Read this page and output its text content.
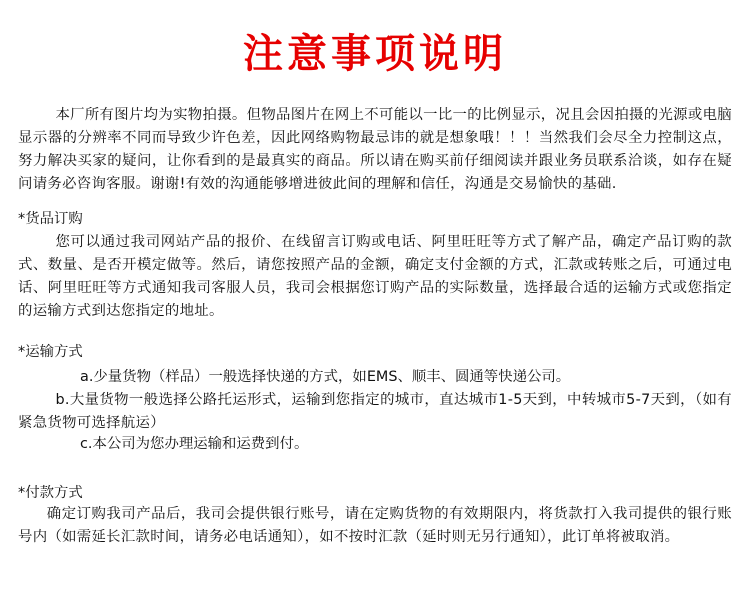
注意事项说明

本厂所有图片均为实物拍摄。但物品图片在网上不可能以一比一的比例显示，况且会因拍摄的光源或电脑显示器的分辨率不同而导致少许色差，因此网络购物最忌讳的就是想象哦！！！当然我们会尽全力控制这点，努力解决买家的疑问，让你看到的是最真实的商品。所以请在购买前仔细阅读并跟业务员联系洽谈，如存在疑问请务必咨询客服。谢谢!有效的沟通能够增进彼此间的理解和信任，沟通是交易愉快的基础.

*货品订购

您可以通过我司网站产品的报价、在线留言订购或电话、阿里旺旺等方式了解产品，确定产品订购的款式、数量、是否开模定做等。然后，请您按照产品的金额，确定支付金额的方式，汇款或转账之后，可通过电话、阿里旺旺等方式通知我司客服人员，我司会根据您订购产品的实际数量，选择最合适的运输方式或您指定的运输方式到达您指定的地址。

*运输方式

a.少量货物（样品）一般选择快递的方式，如EMS、顺丰、圆通等快递公司。

b.大量货物一般选择公路托运形式，运输到您指定的城市，直达城市1-5天到，中转城市5-7天到，（如有紧急货物可选择航运）

c.本公司为您办理运输和运费到付。

*付款方式

确定订购我司产品后，我司会提供银行账号，请在定购货物的有效期限内，将货款打入我司提供的银行账号内（如需延长汇款时间，请务必电话通知），如不按时汇款（延时则无另行通知），此订单将被取消。
